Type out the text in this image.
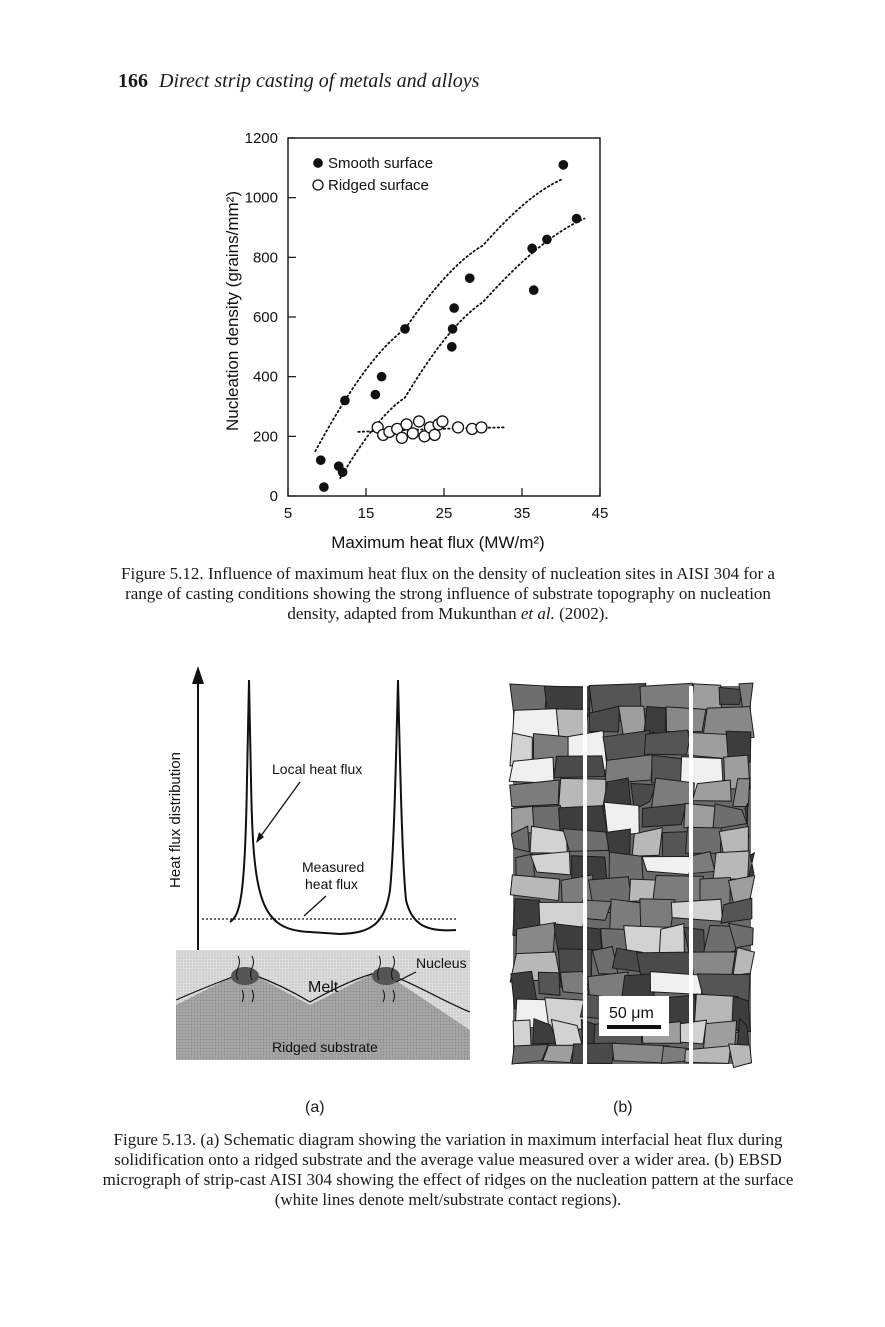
166 Direct strip casting of metals and alloys
5	15	25	35	45
0
200
400
600
800
1000
1200
Smooth surface
Ridged surface
Maximum heat flux (MW/m²)
Nucleation density (grains/mm²)
Figure 5.12. Influence of maximum heat flux on the density of nucleation sites in AISI 304 for a range of casting conditions showing the strong influence of substrate topography on nucleation density, adapted from Mukunthan et al. (2002).
Heat flux distribution	Local heat flux
Measured
heat flux
Nucleus
Melt
Ridged substrate
50 μm
(a)	(b)
Figure 5.13. (a) Schematic diagram showing the variation in maximum interfacial heat flux during solidification onto a ridged substrate and the average value measured over a wider area. (b) EBSD micrograph of strip-cast AISI 304 showing the effect of ridges on the nucleation pattern at the surface (white lines denote melt/substrate contact regions).
